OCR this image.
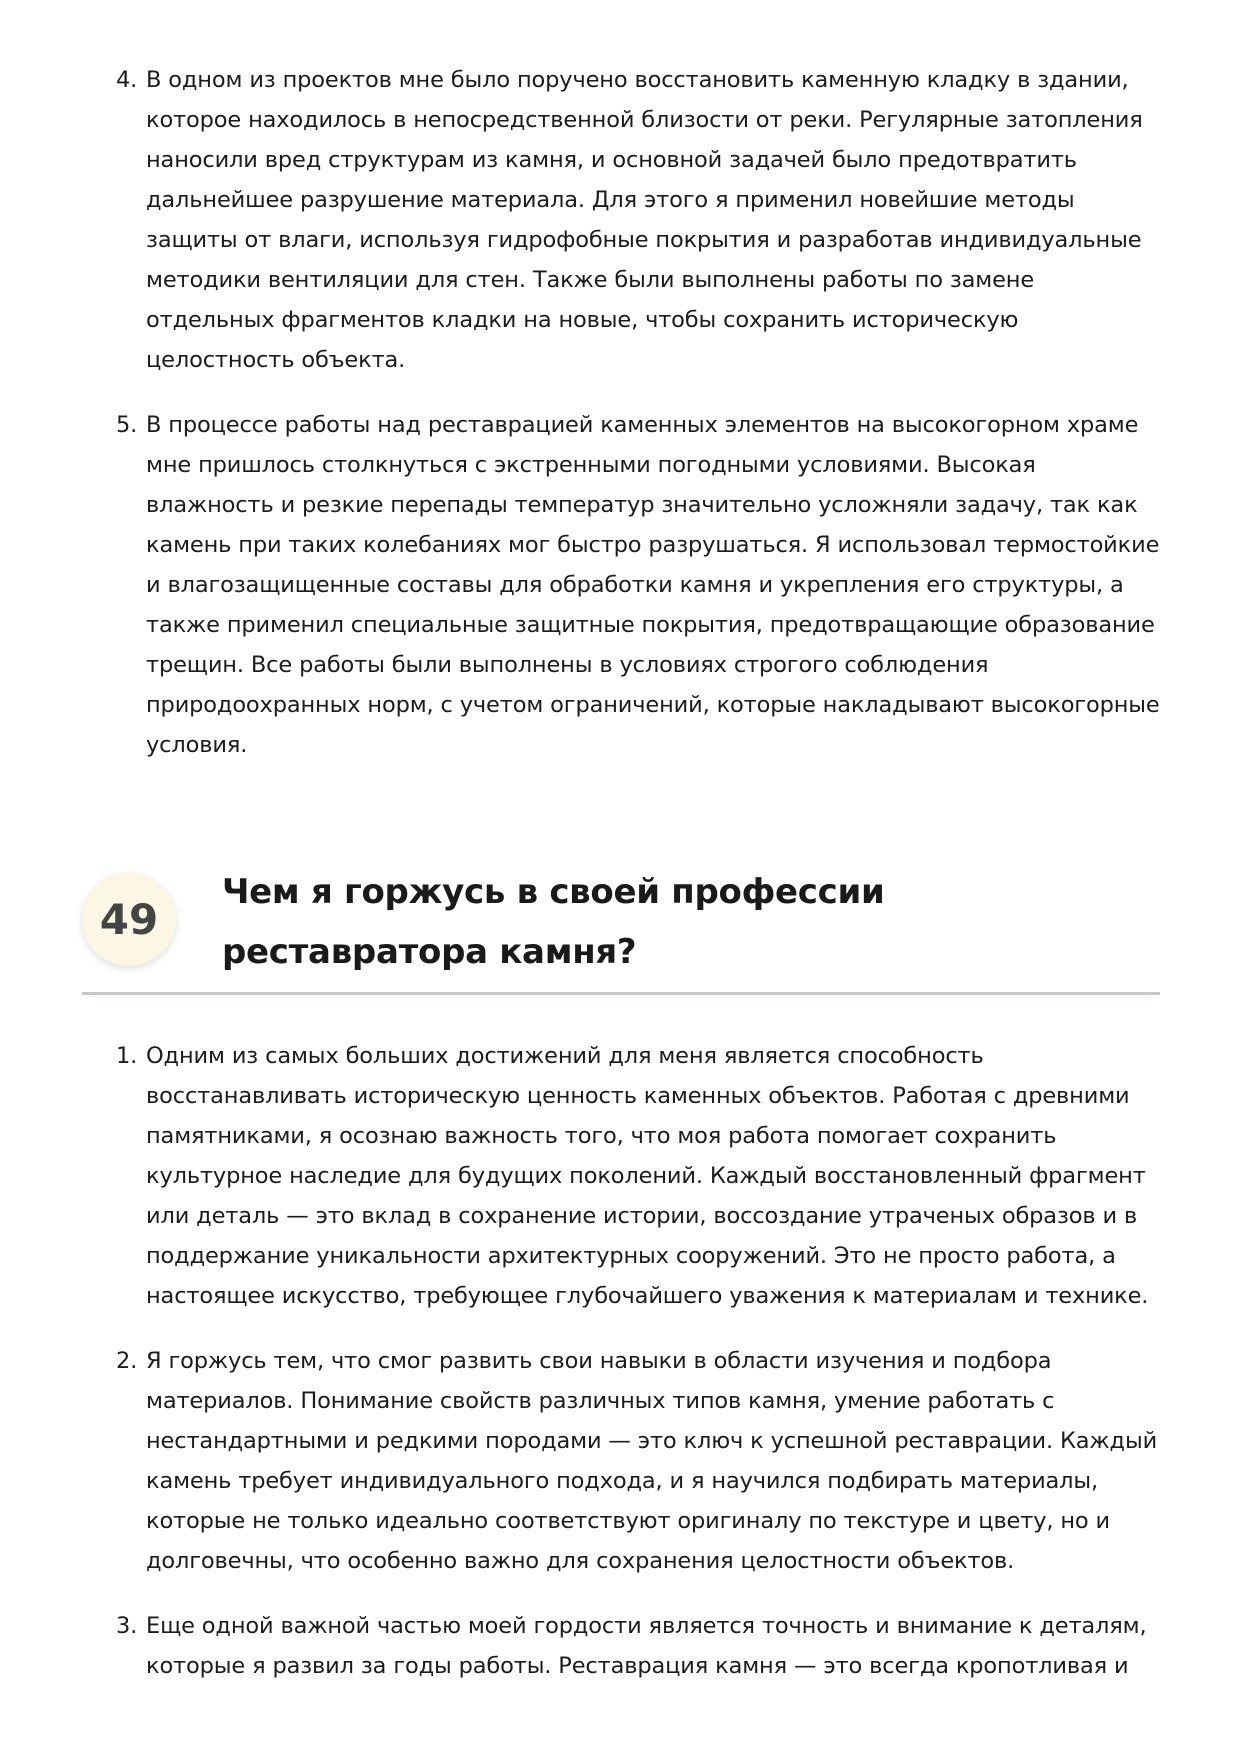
4. В одном из проектов мне было поручено восстановить каменную кладку в здании, которое находилось в непосредственной близости от реки. Регулярные затопления наносили вред структурам из камня, и основной задачей было предотвратить дальнейшее разрушение материала. Для этого я применил новейшие методы защиты от влаги, используя гидрофобные покрытия и разработав индивидуальные методики вентиляции для стен. Также были выполнены работы по замене отдельных фрагментов кладки на новые, чтобы сохранить историческую целостность объекта.
5. В процессе работы над реставрацией каменных элементов на высокогорном храме мне пришлось столкнуться с экстренными погодными условиями. Высокая влажность и резкие перепады температур значительно усложняли задачу, так как камень при таких колебаниях мог быстро разрушаться. Я использовал термостойкие и влагозащищенные составы для обработки камня и укрепления его структуры, а также применил специальные защитные покрытия, предотвращающие образование трещин. Все работы были выполнены в условиях строгого соблюдения природоохранных норм, с учетом ограничений, которые накладывают высокогорные условия.
49
Чем я горжусь в своей профессии реставратора камня?
1. Одним из самых больших достижений для меня является способность восстанавливать историческую ценность каменных объектов. Работая с древними памятниками, я осознаю важность того, что моя работа помогает сохранить культурное наследие для будущих поколений. Каждый восстановленный фрагмент или деталь — это вклад в сохранение истории, воссоздание утраченых образов и в поддержание уникальности архитектурных сооружений. Это не просто работа, а настоящее искусство, требующее глубочайшего уважения к материалам и технике.
2. Я горжусь тем, что смог развить свои навыки в области изучения и подбора материалов. Понимание свойств различных типов камня, умение работать с нестандартными и редкими породами — это ключ к успешной реставрации. Каждый камень требует индивидуального подхода, и я научился подбирать материалы, которые не только идеально соответствуют оригиналу по текстуре и цвету, но и долговечны, что особенно важно для сохранения целостности объектов.
3. Еще одной важной частью моей гордости является точность и внимание к деталям, которые я развил за годы работы. Реставрация камня — это всегда кропотливая и
